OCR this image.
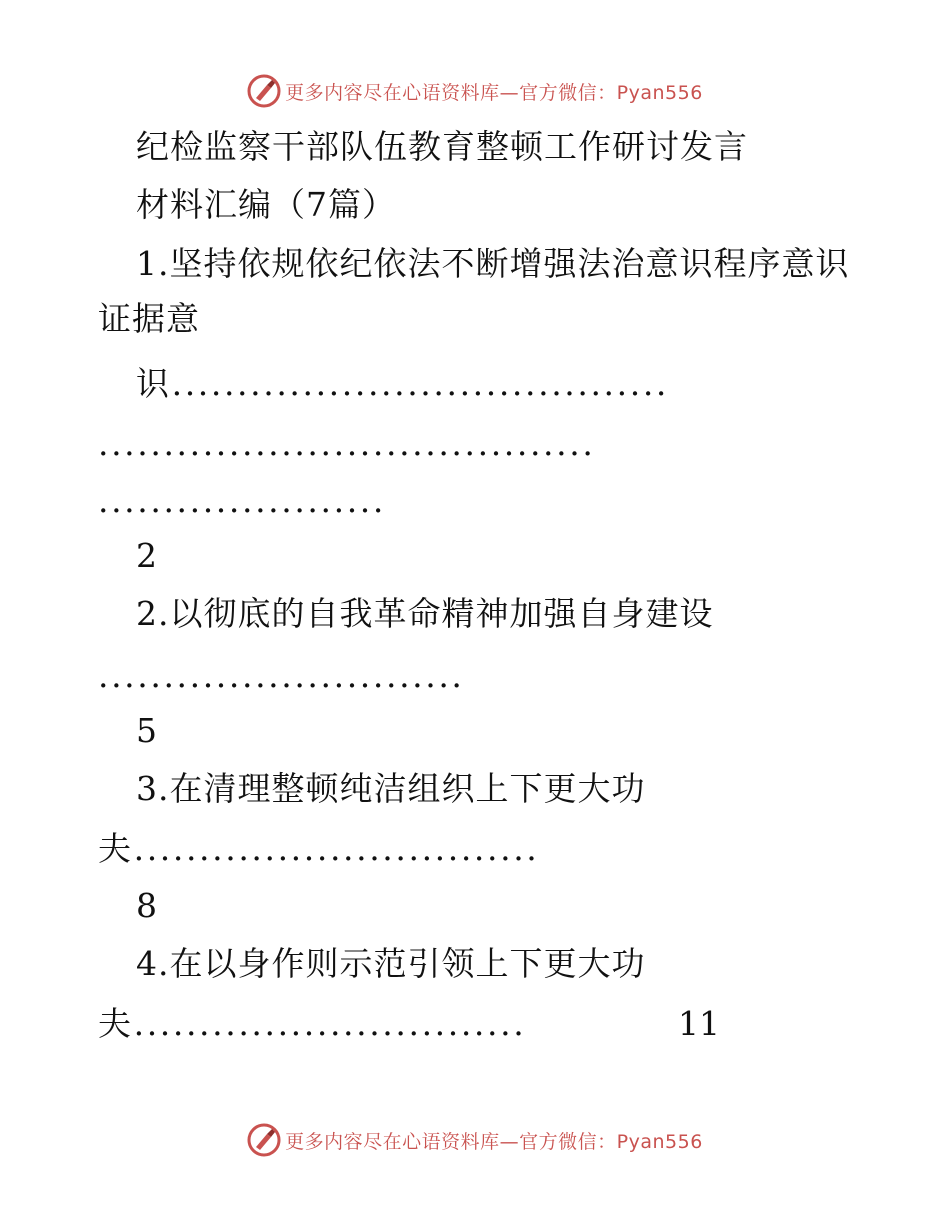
更多内容尽在心语资料库—官方微信：Pyan556
纪检监察干部队伍教育整顿工作研讨发言
材料汇编（7篇）
1.坚持依规依纪依法不断增强法治意识程序意识
证据意
识......................................
......................................
......................
2
2.以彻底的自我革命精神加强自身建设
............................
5
3.在清理整顿纯洁组织上下更大功
夫...............................
8
4.在以身作则示范引领上下更大功
夫..............................	11
更多内容尽在心语资料库—官方微信：Pyan556
